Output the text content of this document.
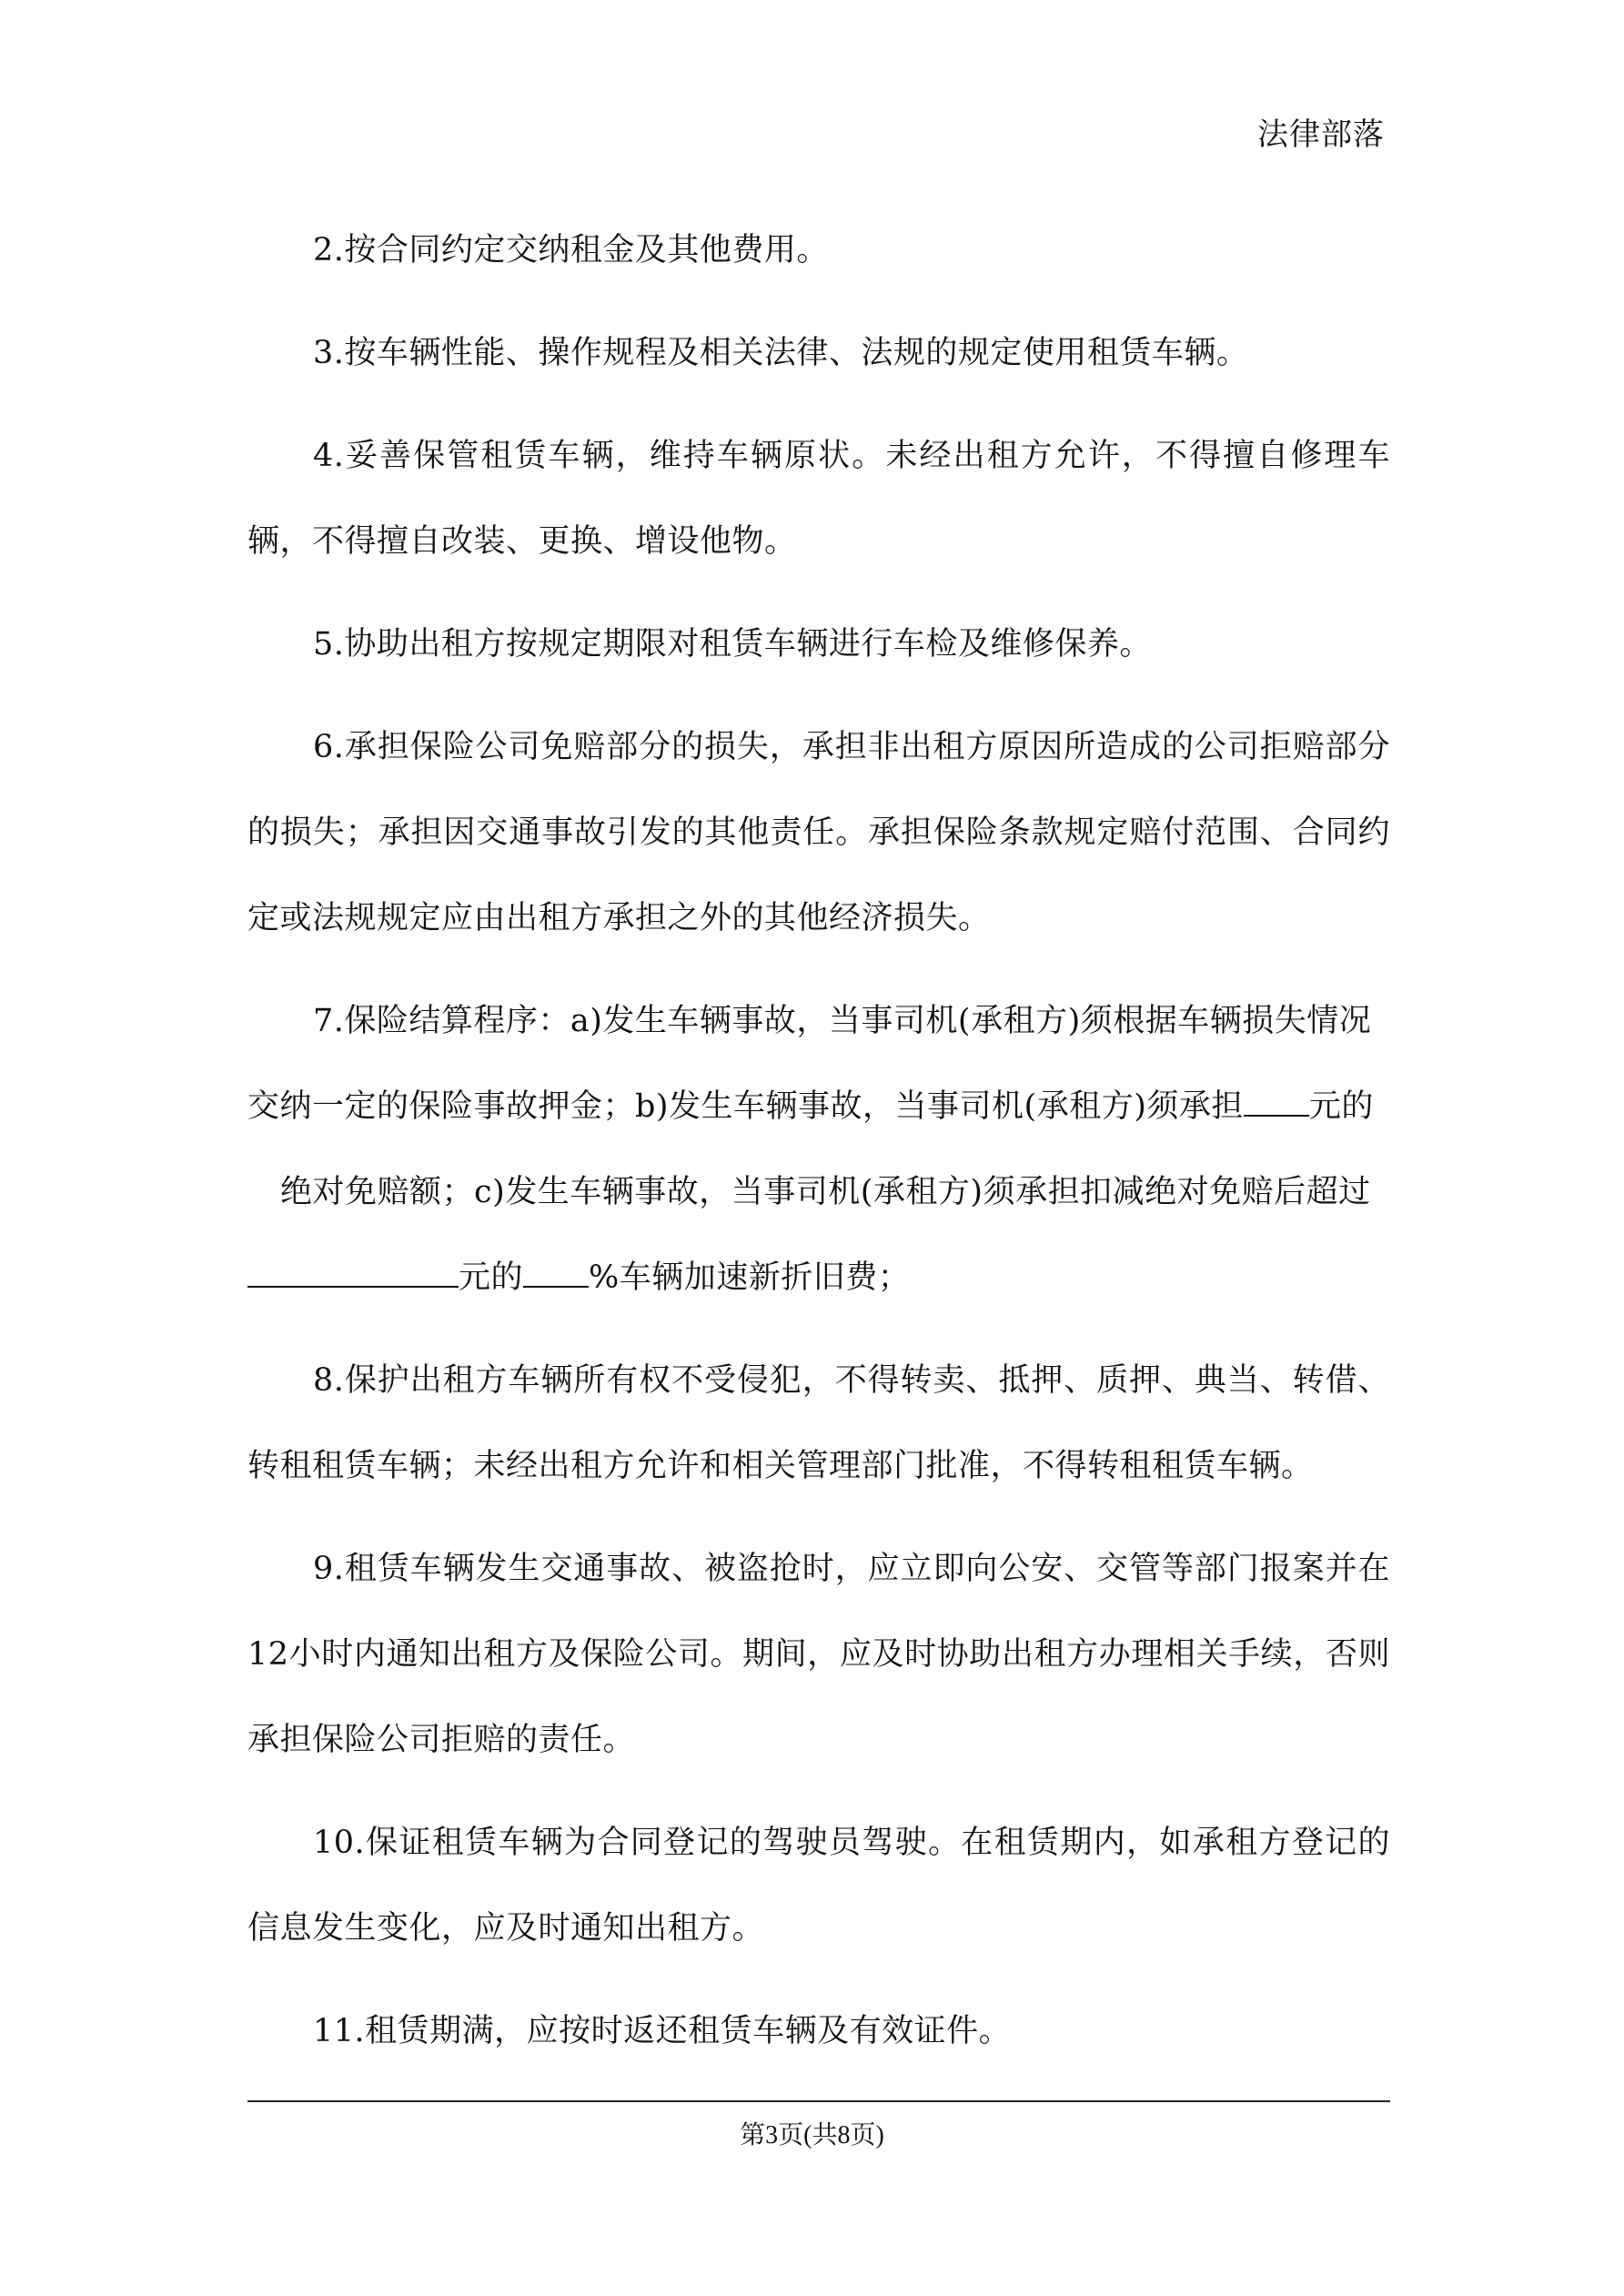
法律部落

2.按合同约定交纳租金及其他费用。

3.按车辆性能、操作规程及相关法律、法规的规定使用租赁车辆。

4.妥善保管租赁车辆，维持车辆原状。未经出租方允许，不得擅自修理车辆，不得擅自改装、更换、增设他物。

5.协助出租方按规定期限对租赁车辆进行车检及维修保养。

6.承担保险公司免赔部分的损失，承担非出租方原因所造成的公司拒赔部分的损失；承担因交通事故引发的其他责任。承担保险条款规定赔付范围、合同约定或法规规定应由出租方承担之外的其他经济损失。

7.保险结算程序：a)发生车辆事故，当事司机(承租方)须根据车辆损失情况
交纳一定的保险事故押金；b)发生车辆事故，当事司机(承租方)须承担 元的
绝对免赔额；c)发生车辆事故，当事司机(承租方)须承担扣减绝对免赔后超过
元的 %车辆加速新折旧费；

8.保护出租方车辆所有权不受侵犯，不得转卖、抵押、质押、典当、转借、转租租赁车辆；未经出租方允许和相关管理部门批准，不得转租租赁车辆。

9.租赁车辆发生交通事故、被盗抢时，应立即向公安、交管等部门报案并在12小时内通知出租方及保险公司。期间，应及时协助出租方办理相关手续，否则承担保险公司拒赔的责任。

10.保证租赁车辆为合同登记的驾驶员驾驶。在租赁期内，如承租方登记的信息发生变化，应及时通知出租方。

11.租赁期满，应按时返还租赁车辆及有效证件。

第3页(共8页)
